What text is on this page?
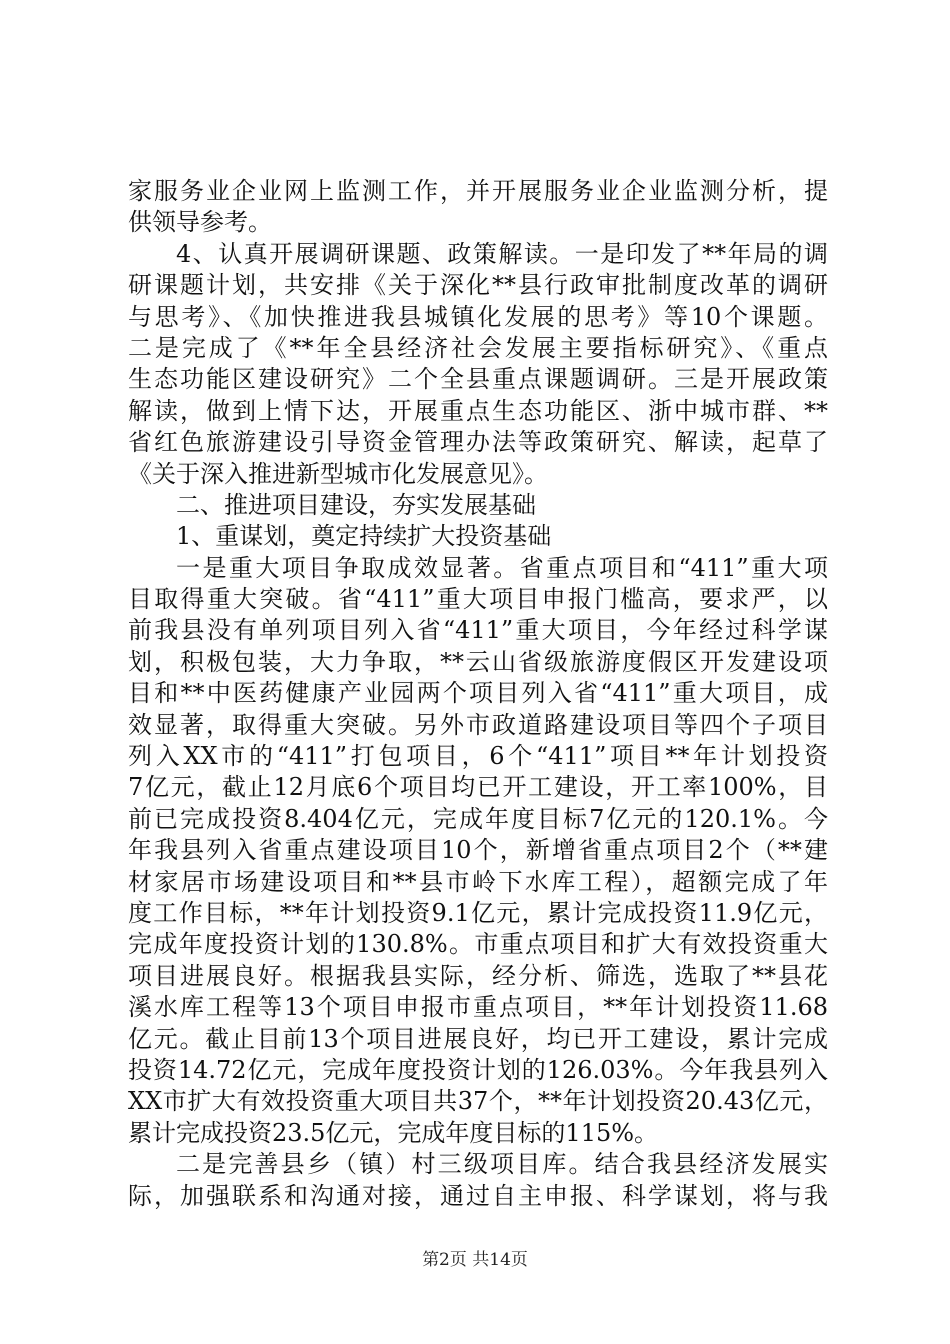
家服务业企业网上监测工作，并开展服务业企业监测分析，提
供领导参考。
4、认真开展调研课题、政策解读。一是印发了**年局的调
研课题计划，共安排《关于深化**县行政审批制度改革的调研
与思考》、《加快推进我县城镇化发展的思考》等10个课题。
二是完成了《**年全县经济社会发展主要指标研究》、《重点
生态功能区建设研究》二个全县重点课题调研。三是开展政策
解读，做到上情下达，开展重点生态功能区、浙中城市群、**
省红色旅游建设引导资金管理办法等政策研究、解读，起草了
《关于深入推进新型城市化发展意见》。
二、推进项目建设，夯实发展基础
1、重谋划，奠定持续扩大投资基础
一是重大项目争取成效显著。省重点项目和“411”重大项
目取得重大突破。省“411”重大项目申报门槛高，要求严，以
前我县没有单列项目列入省“411”重大项目，今年经过科学谋
划，积极包装，大力争取，**云山省级旅游度假区开发建设项
目和**中医药健康产业园两个项目列入省“411”重大项目，成
效显著，取得重大突破。另外市政道路建设项目等四个子项目
列入XX市的“411”打包项目，6个“411”项目**年计划投资
7亿元，截止12月底6个项目均已开工建设，开工率100%，目
前已完成投资8.404亿元，完成年度目标7亿元的120.1%。今
年我县列入省重点建设项目10个，新增省重点项目2个（**建
材家居市场建设项目和**县市岭下水库工程），超额完成了年
度工作目标，**年计划投资9.1亿元，累计完成投资11.9亿元，
完成年度投资计划的130.8%。市重点项目和扩大有效投资重大
项目进展良好。根据我县实际，经分析、筛选，选取了**县花
溪水库工程等13个项目申报市重点项目，**年计划投资11.68
亿元。截止目前13个项目进展良好，均已开工建设，累计完成
投资14.72亿元，完成年度投资计划的126.03%。今年我县列入
XX市扩大有效投资重大项目共37个，**年计划投资20.43亿元，
累计完成投资23.5亿元，完成年度目标的115%。
二是完善县乡（镇）村三级项目库。结合我县经济发展实
际，加强联系和沟通对接，通过自主申报、科学谋划，将与我
第2页 共14页
